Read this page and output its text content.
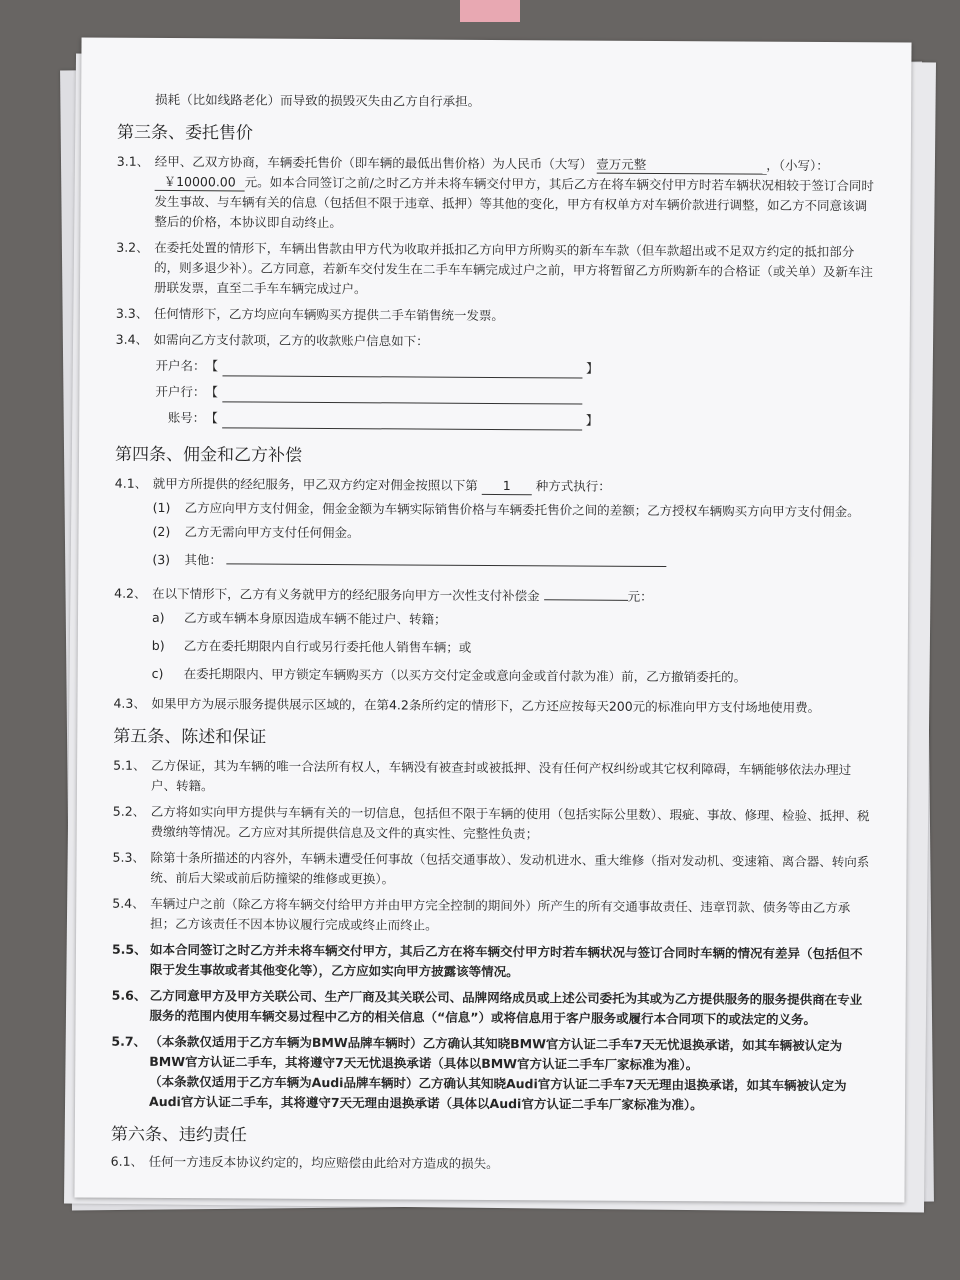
损耗（比如线路老化）而导致的损毁灭失由乙方自行承担。

第三条、委托售价
3.1、 经甲、乙双方协商，车辆委托售价（即车辆的最低出售价格）为人民币（大写） 壹万元整	，（小写）： ￥10000.00 元。如本合同签订之前/之时乙方并未将车辆交付甲方，其后乙方在将车辆交付甲方时若车辆状况相较于签订合同时发生事故、与车辆有关的信息（包括但不限于违章、抵押）等其他的变化，甲方有权单方对车辆价款进行调整，如乙方不同意该调整后的价格，本协议即自动终止。
3.2、 在委托处置的情形下，车辆出售款由甲方代为收取并抵扣乙方向甲方所购买的新车车款（但车款超出或不足双方约定的抵扣部分的，则多退少补）。乙方同意，若新车交付发生在二手车车辆完成过户之前，甲方将暂留乙方所购新车的合格证（或关单）及新车注册联发票，直至二手车车辆完成过户。
3.3、 任何情形下，乙方均应向车辆购买方提供二手车销售统一发票。
3.4、 如需向乙方支付款项，乙方的收款账户信息如下：
开户名： 【	】
开户行： 【
账号： 【	】
第四条、佣金和乙方补偿
4.1、 就甲方所提供的经纪服务，甲乙双方约定对佣金按照以下第 1 种方式执行：
(1)	乙方应向甲方支付佣金，佣金金额为车辆实际销售价格与车辆委托售价之间的差额；乙方授权车辆购买方向甲方支付佣金。
(2)	乙方无需向甲方支付任何佣金。
(3)	其他：
4.2、 在以下情形下，乙方有义务就甲方的经纪服务向甲方一次性支付补偿金	元：
a)	乙方或车辆本身原因造成车辆不能过户、转籍；
b)	乙方在委托期限内自行或另行委托他人销售车辆；或
c)	在委托期限内、甲方锁定车辆购买方（以买方交付定金或意向金或首付款为准）前，乙方撤销委托的。
4.3、 如果甲方为展示服务提供展示区域的，在第4.2条所约定的情形下，乙方还应按每天200元的标准向甲方支付场地使用费。
第五条、陈述和保证
5.1、 乙方保证，其为车辆的唯一合法所有权人，车辆没有被查封或被抵押、没有任何产权纠纷或其它权利障碍，车辆能够依法办理过户、转籍。
5.2、 乙方将如实向甲方提供与车辆有关的一切信息，包括但不限于车辆的使用（包括实际公里数）、瑕疵、事故、修理、检验、抵押、税费缴纳等情况。乙方应对其所提供信息及文件的真实性、完整性负责；
5.3、 除第十条所描述的内容外，车辆未遭受任何事故（包括交通事故）、发动机进水、重大维修（指对发动机、变速箱、离合器、转向系统、前后大梁或前后防撞梁的维修或更换）。
5.4、 车辆过户之前（除乙方将车辆交付给甲方并由甲方完全控制的期间外）所产生的所有交通事故责任、违章罚款、债务等由乙方承担；乙方该责任不因本协议履行完成或终止而终止。
5.5、 如本合同签订之时乙方并未将车辆交付甲方，其后乙方在将车辆交付甲方时若车辆状况与签订合同时车辆的情况有差异（包括但不限于发生事故或者其他变化等），乙方应如实向甲方披露该等情况。
5.6、 乙方同意甲方及甲方关联公司、生产厂商及其关联公司、品牌网络成员或上述公司委托为其或为乙方提供服务的服务提供商在专业服务的范围内使用车辆交易过程中乙方的相关信息（“信息”）或将信息用于客户服务或履行本合同项下的或法定的义务。
5.7、 （本条款仅适用于乙方车辆为BMW品牌车辆时）乙方确认其知晓BMW官方认证二手车7天无忧退换承诺，如其车辆被认定为BMW官方认证二手车，其将遵守7天无忧退换承诺（具体以BMW官方认证二手车厂家标准为准）。
（本条款仅适用于乙方车辆为Audi品牌车辆时）乙方确认其知晓Audi官方认证二手车7天无理由退换承诺，如其车辆被认定为Audi官方认证二手车，其将遵守7天无理由退换承诺（具体以Audi官方认证二手车厂家标准为准）。
第六条、违约责任
6.1、 任何一方违反本协议约定的，均应赔偿由此给对方造成的损失。
